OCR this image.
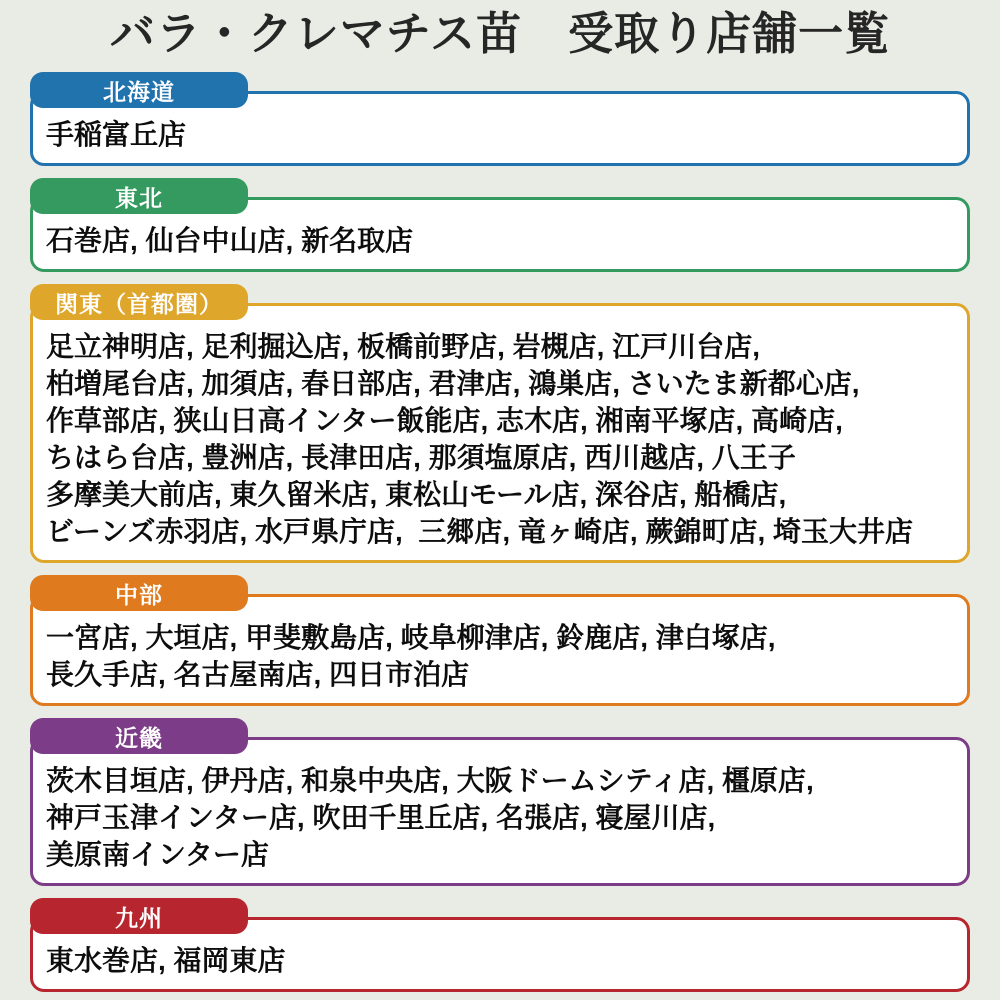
バラ・クレマチス苗　受取り店舗一覧
北海道
手稲富丘店
東北
石巻店, 仙台中山店, 新名取店
関東（首都圏）
足立神明店, 足利掘込店, 板橋前野店, 岩槻店, 江戸川台店,
柏増尾台店, 加須店, 春日部店, 君津店, 鴻巣店, さいたま新都心店,
作草部店, 狭山日高インター飯能店, 志木店, 湘南平塚店, 高崎店,
ちはら台店, 豊洲店, 長津田店, 那須塩原店, 西川越店, 八王子
多摩美大前店, 東久留米店, 東松山モール店, 深谷店, 船橋店,
ビーンズ赤羽店, 水戸県庁店,  三郷店, 竜ヶ崎店, 蕨錦町店, 埼玉大井店
中部
一宮店, 大垣店, 甲斐敷島店, 岐阜柳津店, 鈴鹿店, 津白塚店,
長久手店, 名古屋南店, 四日市泊店
近畿
茨木目垣店, 伊丹店, 和泉中央店, 大阪ドームシティ店, 橿原店,
神戸玉津インター店, 吹田千里丘店, 名張店, 寝屋川店,
美原南インター店
九州
東水巻店, 福岡東店
